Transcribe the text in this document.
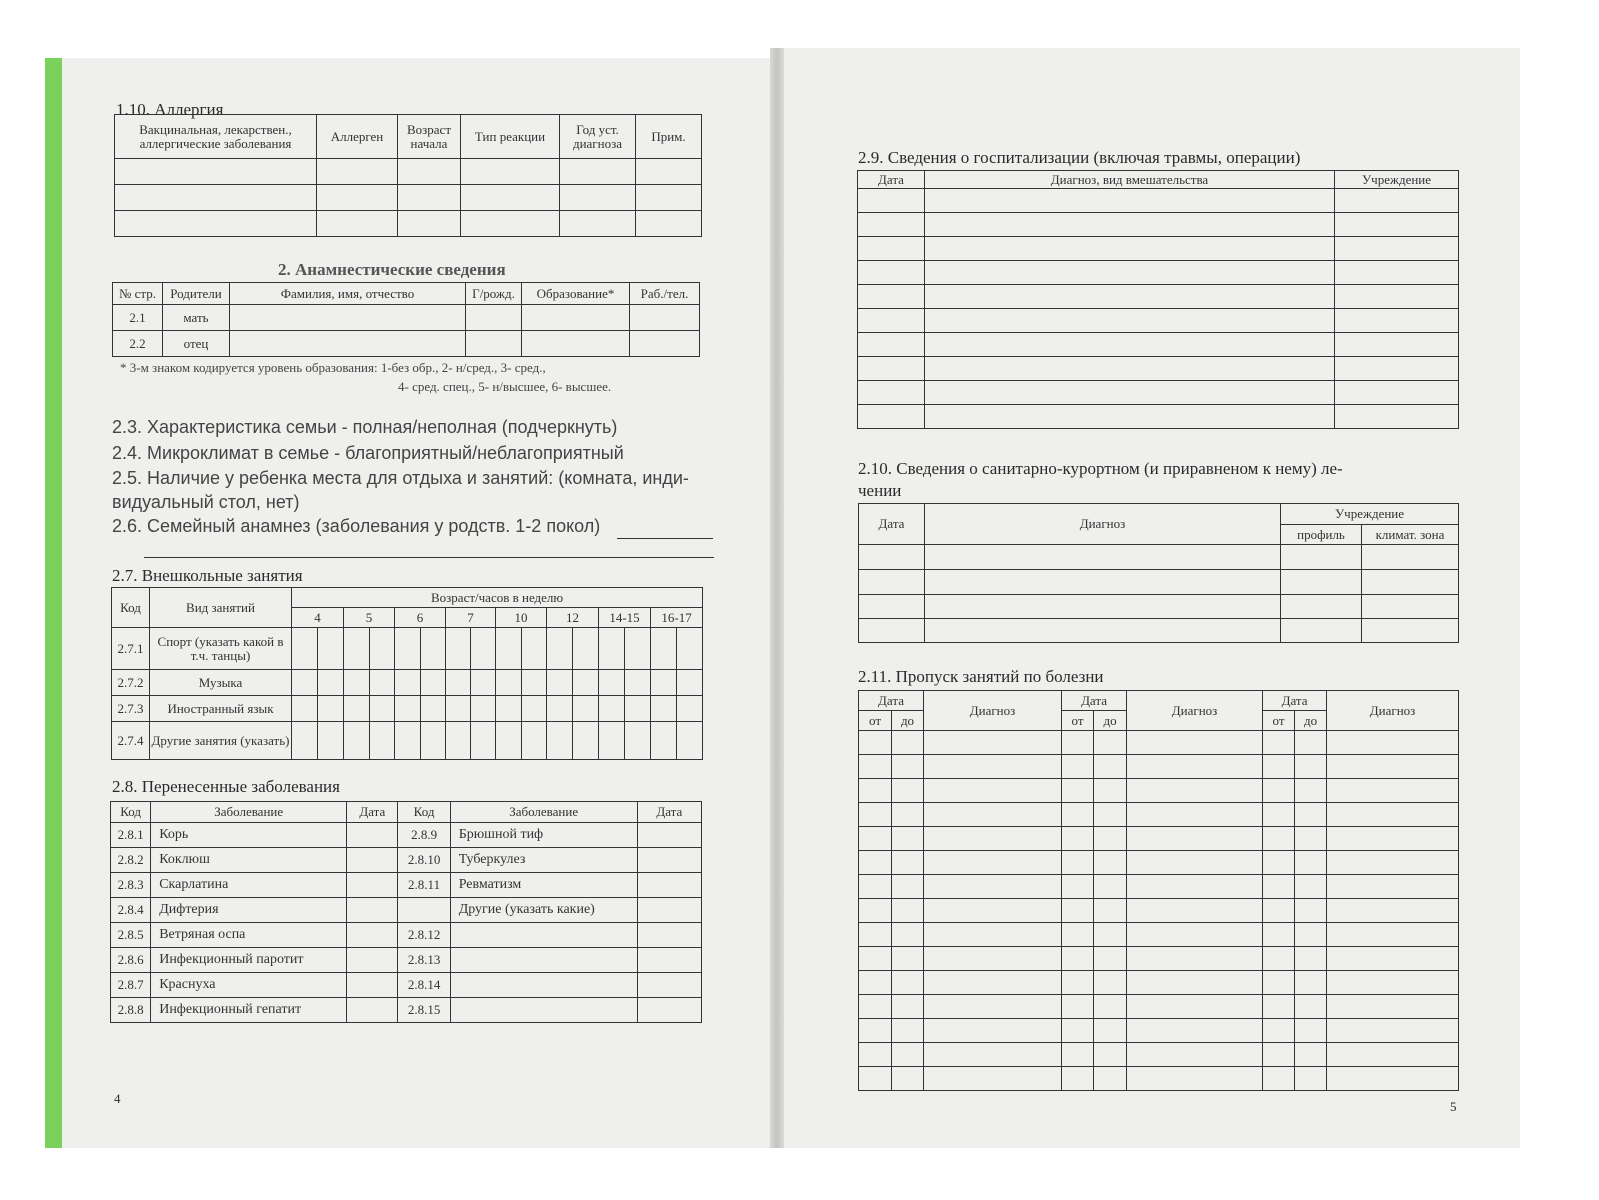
1.10. Аллергия
Вакцинальная, лекарствен., аллергические заболевания	Аллерген	Возраст начала	Тип реакции	Год уст. диагноза	Прим.

2. Анамнестические сведения
№ стр.	Родители	Фамилия, имя, отчество	Г/рожд.	Образование*	Раб./тел.
2.1	мать				
2.2	отец				
* 3-м знаком кодируется уровень образования: 1-без обр., 2- н/сред., 3- сред.,
4- сред. спец., 5- н/высшее, 6- высшее.
2.3. Характеристика семьи - полная/неполная (подчеркнуть)
2.4. Микроклимат в семье - благоприятный/неблагоприятный
2.5. Наличие у ребенка места для отдыха и занятий: (комната, инди-
видуальный стол, нет)
2.6. Семейный анамнез (заболевания у родств. 1-2 покол)
2.7. Внешкольные занятия
Код	Вид занятий	Возраст/часов в неделю															
		4		5		6		7		10		12		14-15		16-17	
2.7.1	Спорт (указать какой в т.ч. танцы)																
2.7.2	Музыка																
2.7.3	Иностранный язык																
2.7.4	Другие занятия (указать)																
2.8. Перенесенные заболевания
Код	Заболевание	Дата	Код	Заболевание	Дата
2.8.1	Корь		2.8.9	Брюшной тиф	
2.8.2	Коклюш		2.8.10	Туберкулез	
2.8.3	Скарлатина		2.8.11	Ревматизм	
2.8.4	Дифтерия			Другие (указать какие)	
2.8.5	Ветряная оспа		2.8.12		
2.8.6	Инфекционный паротит		2.8.13		
2.8.7	Краснуха		2.8.14		
2.8.8	Инфекционный гепатит		2.8.15		
4
2.9. Сведения о госпитализации (включая травмы, операции)
Дата	Диагноз, вид вмешательства	Учреждение

2.10. Сведения о санитарно-курортном (и приравненом к нему) ле-
чении
Дата	Диагноз	Учреждение	
		профиль	климат. зона

2.11. Пропуск занятий по болезни
Дата		Диагноз	Дата		Диагноз	Дата		Диагноз
от	до		от	до		от	до	

5
